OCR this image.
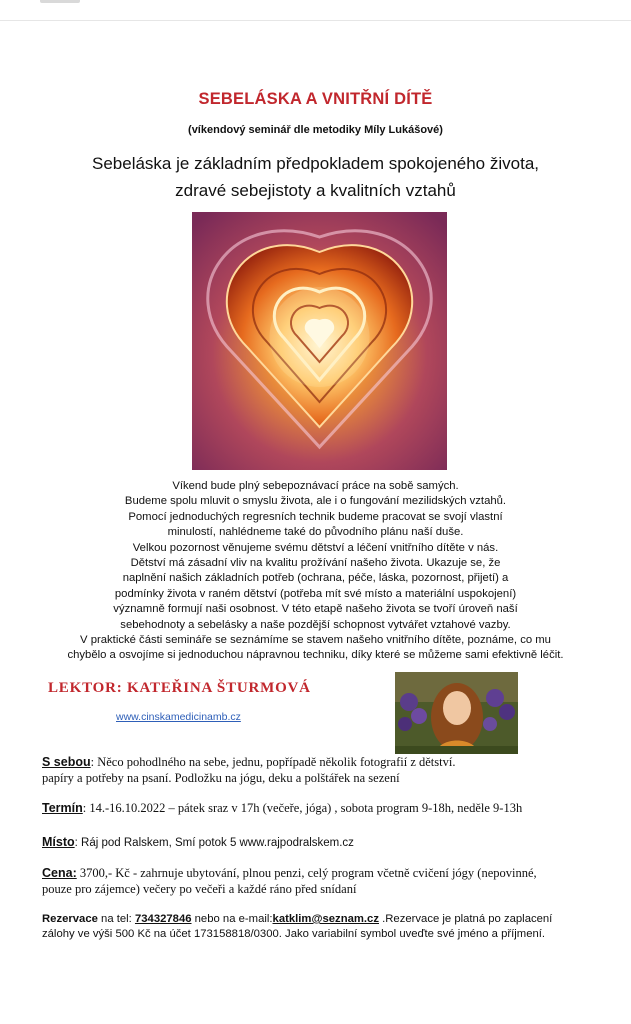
SEBELÁSKA A VNITŘNÍ DÍTĚ
(víkendový seminář dle metodiky Míly Lukášové)
Sebeláska je základním předpokladem spokojeného života,
zdravé sebejistoty a kvalitních vztahů
Víkend bude plný sebepoznávací práce na sobě samých.
Budeme spolu mluvit o smyslu života, ale i o fungování mezilidských vztahů.
Pomocí jednoduchých regresních technik budeme pracovat se svojí vlastní
minulostí, nahlédneme také do původního plánu naší duše.
Velkou pozornost věnujeme svému dětství a léčení vnitřního dítěte v nás.
Dětství má zásadní vliv na kvalitu prožívání našeho života. Ukazuje se, že
naplnění našich základních potřeb (ochrana, péče, láska, pozornost, přijetí) a
podmínky života v raném dětství (potřeba mít své místo a materiální uspokojení)
významně formují naši osobnost. V této etapě našeho života se tvoří úroveň naší
sebehodnoty a sebelásky a naše pozdější schopnost vytvářet vztahové vazby.
V praktické části semináře se seznámíme se stavem našeho vnitřního dítěte, poznáme, co mu
chybělo a osvojíme si jednoduchou nápravnou techniku, díky které se můžeme sami efektivně léčit.
LEKTOR: KATEŘINA ŠTURMOVÁ
www.cinskamedicinamb.cz
S sebou: Něco pohodlného na sebe, jednu, popřípadě několik fotografií z dětství.
papíry a potřeby na psaní. Podložku na jógu, deku a polštářek na sezení
Termín: 14.-16.10.2022 – pátek sraz v 17h (večeře, jóga) , sobota program 9-18h, neděle 9-13h
Místo: Ráj pod Ralskem, Smí potok 5 www.rajpodralskem.cz
Cena: 3700,- Kč - zahrnuje ubytování, plnou penzi, celý program včetně cvičení jógy (nepovinné,
pouze pro zájemce) večery po večeři a každé ráno před snídaní
Rezervace na tel: 734327846 nebo na e-mail:katklim@seznam.cz .Rezervace je platná po zaplacení
zálohy ve výši 500 Kč na účet 173158818/0300. Jako variabilní symbol uveďte své jméno a příjmení.
